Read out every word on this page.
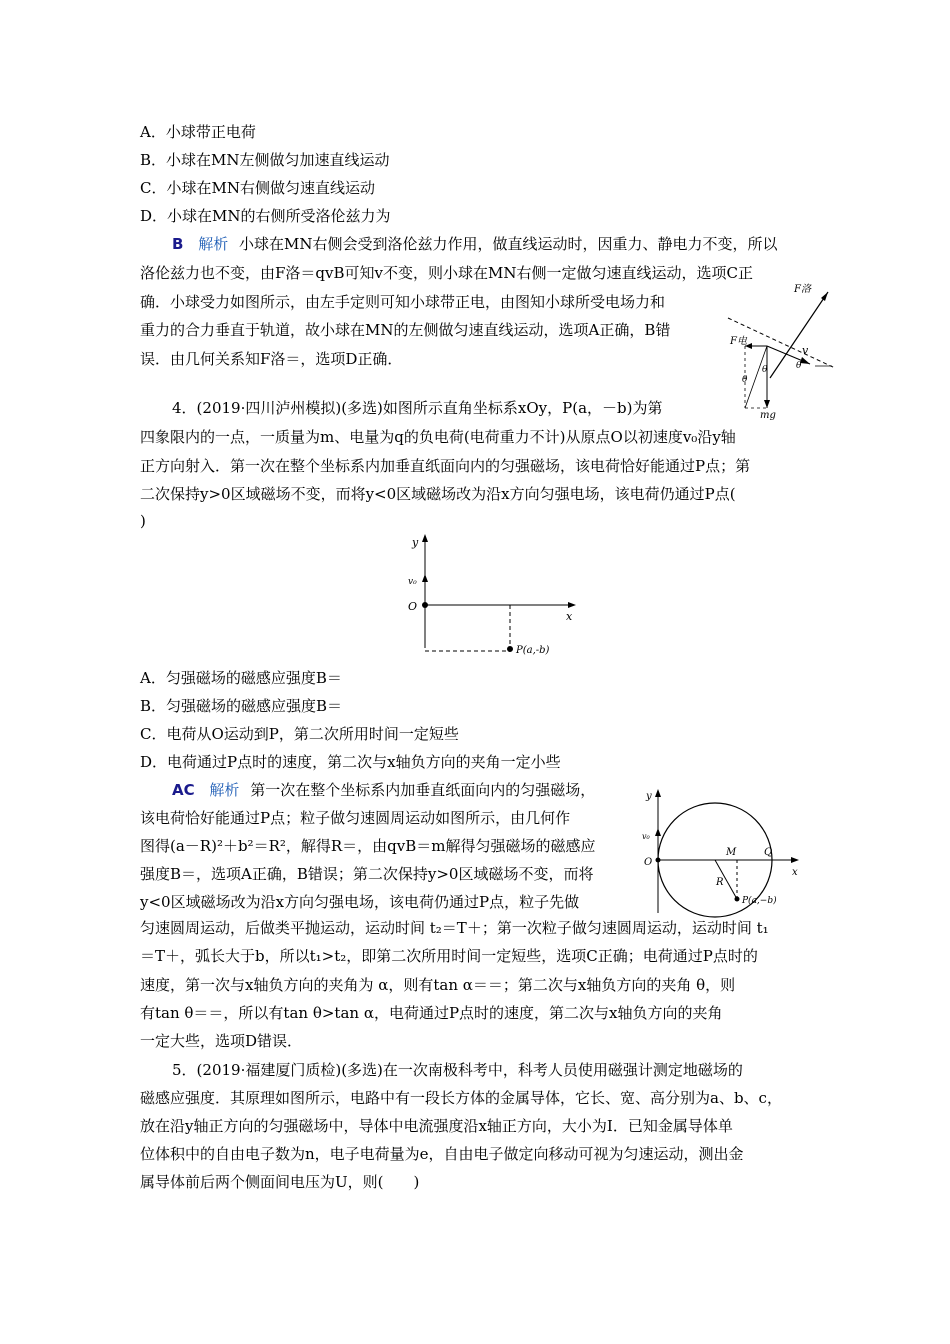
A．小球带正电荷
B．小球在MN左侧做匀加速直线运动
C．小球在MN右侧做匀速直线运动
D．小球在MN的右侧所受洛伦兹力为
B 解析 小球在MN右侧会受到洛伦兹力作用，做直线运动时，因重力、静电力不变，所以
洛伦兹力也不变，由F洛＝qvB可知v不变，则小球在MN右侧一定做匀速直线运动，选项C正
确．小球受力如图所示，由左手定则可知小球带正电，由图知小球所受电场力和
重力的合力垂直于轨道，故小球在MN的左侧做匀速直线运动，选项A正确，B错
误．由几何关系知F洛＝，选项D正确．
F洛
F电
v
θ
θ
θ
mg
4．(2019·四川泸州模拟)(多选)如图所示直角坐标系xOy，P(a，－b)为第
四象限内的一点，一质量为m、电量为q的负电荷(电荷重力不计)从原点O以初速度v₀沿y轴
正方向射入．第一次在整个坐标系内加垂直纸面向内的匀强磁场，该电荷恰好能通过P点；第
二次保持y>0区域磁场不变，而将y<0区域磁场改为沿x方向匀强电场，该电荷仍通过P点(
)
y
x
O
v₀
P(a,-b)
A．匀强磁场的磁感应强度B＝
B．匀强磁场的磁感应强度B＝
C．电荷从O运动到P，第二次所用时间一定短些
D．电荷通过P点时的速度，第二次与x轴负方向的夹角一定小些
AC 解析 第一次在整个坐标系内加垂直纸面向内的匀强磁场，
该电荷恰好能通过P点；粒子做匀速圆周运动如图所示，由几何作
图得(a－R)²＋b²＝R²，解得R＝，由qvB＝m解得匀强磁场的磁感应
强度B＝，选项A正确，B错误；第二次保持y>0区域磁场不变，而将
y<0区域磁场改为沿x方向匀强电场，该电荷仍通过P点，粒子先做
匀速圆周运动，后做类平抛运动，运动时间 t₂＝T＋；第一次粒子做匀速圆周运动，运动时间 t₁
＝T＋，弧长大于b，所以t₁>t₂，即第二次所用时间一定短些，选项C正确；电荷通过P点时的
速度，第一次与x轴负方向的夹角为 α，则有tan α＝＝；第二次与x轴负方向的夹角 θ，则
有tan θ＝＝，所以有tan θ>tan α，电荷通过P点时的速度，第二次与x轴负方向的夹角
一定大些，选项D错误．
y
x
O
v₀
M	Q
R
P(a,−b)
5．(2019·福建厦门质检)(多选)在一次南极科考中，科考人员使用磁强计测定地磁场的
磁感应强度．其原理如图所示，电路中有一段长方体的金属导体，它长、宽、高分别为a、b、c，
放在沿y轴正方向的匀强磁场中，导体中电流强度沿x轴正方向，大小为I．已知金属导体单
位体积中的自由电子数为n，电子电荷量为e，自由电子做定向移动可视为匀速运动，测出金
属导体前后两个侧面间电压为U，则(　　)
